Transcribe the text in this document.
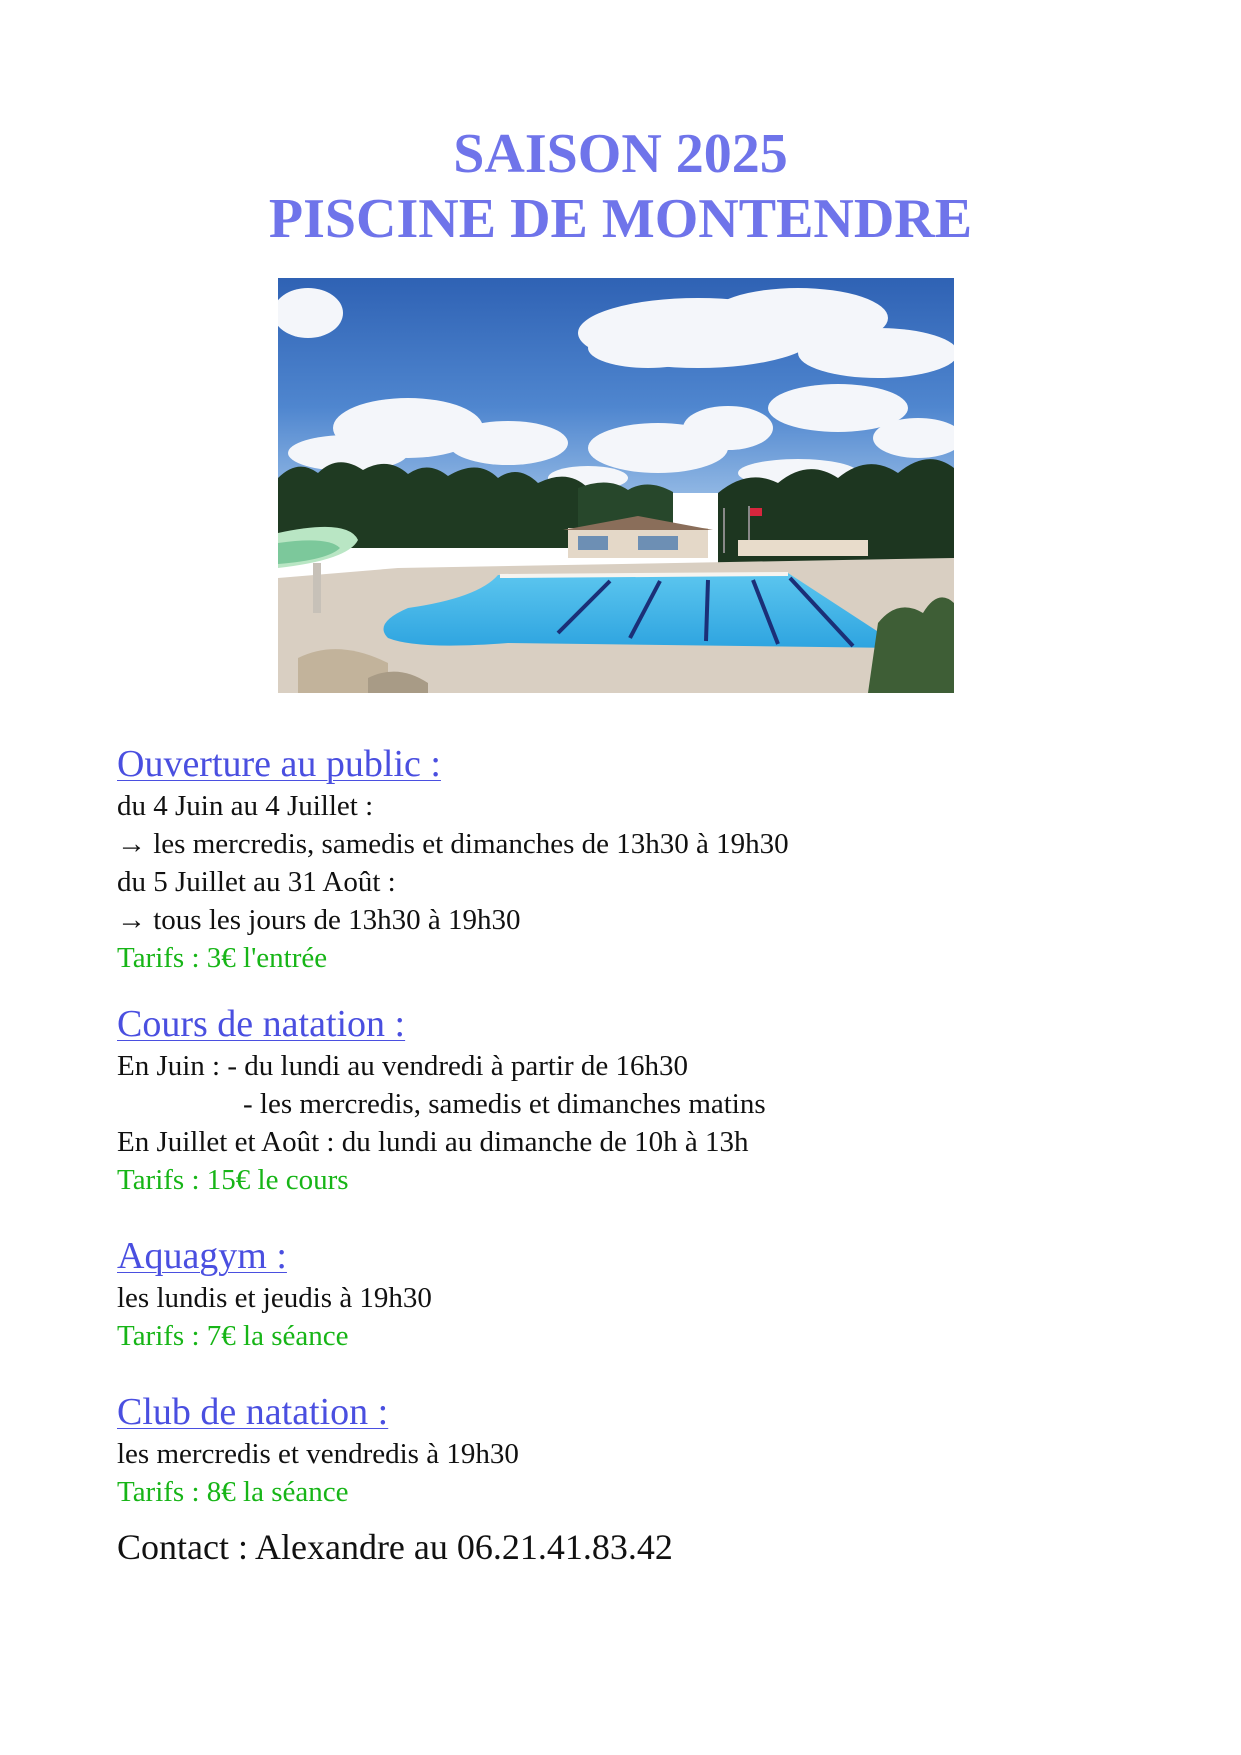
SAISON 2025
PISCINE DE MONTENDRE
Ouverture au public :
du 4 Juin au 4 Juillet :
→ les mercredis, samedis et dimanches de 13h30 à 19h30
du 5 Juillet au 31 Août :
→ tous les jours de 13h30 à 19h30
Tarifs : 3€ l'entrée
Cours de natation :
En Juin : - du lundi au vendredi à partir de 16h30
- les mercredis, samedis et dimanches matins
En Juillet et Août : du lundi au dimanche de 10h à 13h
Tarifs : 15€ le cours
Aquagym :
les lundis et jeudis à 19h30
Tarifs : 7€ la séance
Club de natation :
les mercredis et vendredis à 19h30
Tarifs : 8€ la séance
Contact : Alexandre au 06.21.41.83.42
